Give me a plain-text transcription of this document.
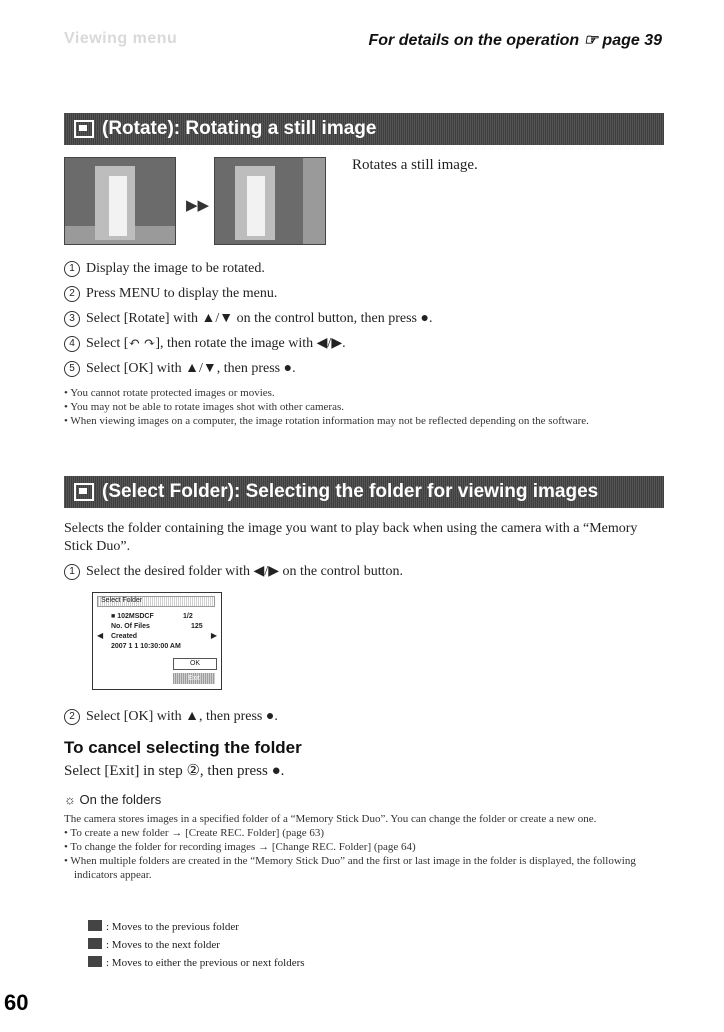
Viewing menu	For details on the operation ☞ page 39
(Rotate): Rotating a still image
▶▶
Rotates a still image.
1 Display the image to be rotated.
2 Press MENU to display the menu.
3 Select [Rotate] with ▲/▼ on the control button, then press ●.
4 Select [↶ ↷], then rotate the image with ◀/▶.
5 Select [OK] with ▲/▼, then press ●.
• You cannot rotate protected images or movies.
• You may not be able to rotate images shot with other cameras.
• When viewing images on a computer, the image rotation information may not be reflected depending on the software.
(Select Folder): Selecting the folder for viewing images
Selects the folder containing the image you want to play back when using the camera with a “Memory Stick Duo”.
1 Select the desired folder with ◀/▶ on the control button.
Select Folder
■ 102MSDCF	1/2
No. Of Files	125
Created
2007 1 1 10:30:00 AM
◀	▶
OK
Exit
2 Select [OK] with ▲, then press ●.
To cancel selecting the folder
Select [Exit] in step ②, then press ●.
☼ On the folders
The camera stores images in a specified folder of a “Memory Stick Duo”. You can change the folder or create a new one.
• To create a new folder → [Create REC. Folder] (page 63)
• To change the folder for recording images → [Change REC. Folder] (page 64)
• When multiple folders are created in the “Memory Stick Duo” and the first or last image in the folder is displayed, the following indicators appear.
: Moves to the previous folder
: Moves to the next folder
: Moves to either the previous or next folders
60
